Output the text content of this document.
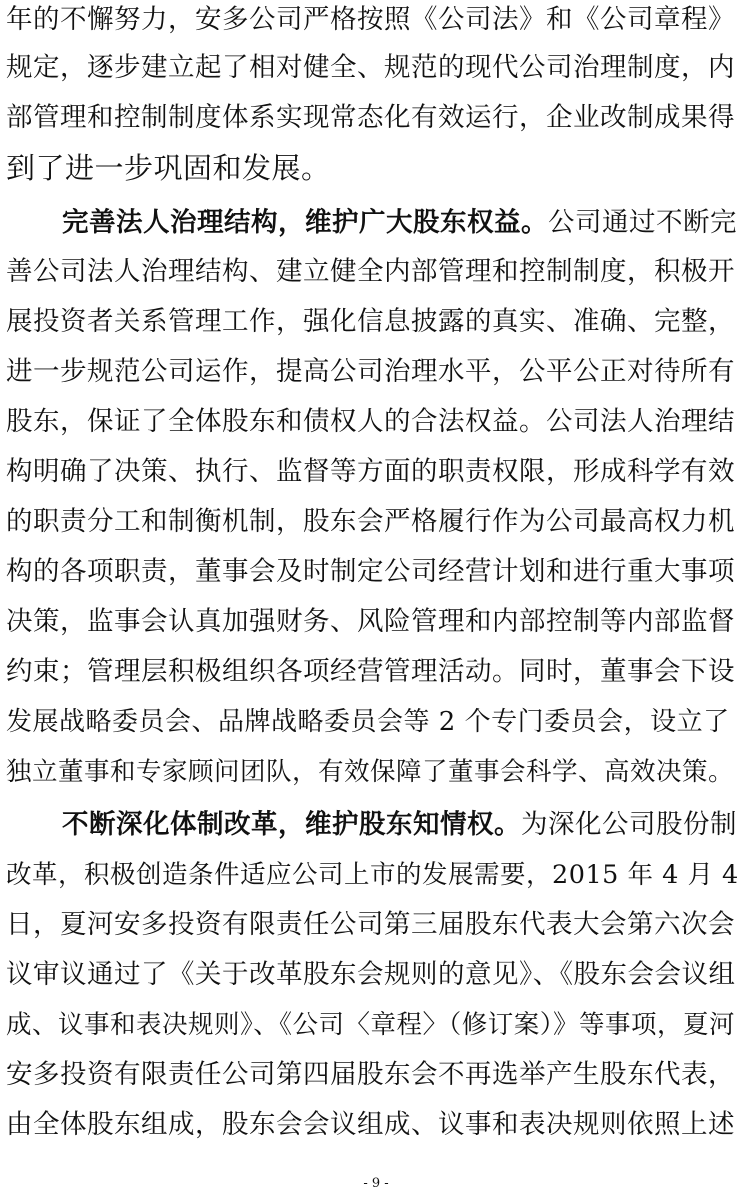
年的不懈努力，安多公司严格按照《公司法》和《公司章程》
规定，逐步建立起了相对健全、规范的现代公司治理制度，内
部管理和控制制度体系实现常态化有效运行，企业改制成果得
到了进一步巩固和发展。
完善法人治理结构，维护广大股东权益。公司通过不断完
善公司法人治理结构、建立健全内部管理和控制制度，积极开
展投资者关系管理工作，强化信息披露的真实、准确、完整，
进一步规范公司运作，提高公司治理水平，公平公正对待所有
股东，保证了全体股东和债权人的合法权益。公司法人治理结
构明确了决策、执行、监督等方面的职责权限，形成科学有效
的职责分工和制衡机制，股东会严格履行作为公司最高权力机
构的各项职责，董事会及时制定公司经营计划和进行重大事项
决策，监事会认真加强财务、风险管理和内部控制等内部监督
约束；管理层积极组织各项经营管理活动。同时，董事会下设
发展战略委员会、品牌战略委员会等 2 个专门委员会，设立了
独立董事和专家顾问团队，有效保障了董事会科学、高效决策。
不断深化体制改革，维护股东知情权。为深化公司股份制
改革，积极创造条件适应公司上市的发展需要，2015 年 4 月 4
日，夏河安多投资有限责任公司第三届股东代表大会第六次会
议审议通过了《关于改革股东会规则的意见》、《股东会会议组
成、议事和表决规则》、《公司〈章程〉（修订案）》等事项，夏河
安多投资有限责任公司第四届股东会不再选举产生股东代表，
由全体股东组成，股东会会议组成、议事和表决规则依照上述
- 9 -
